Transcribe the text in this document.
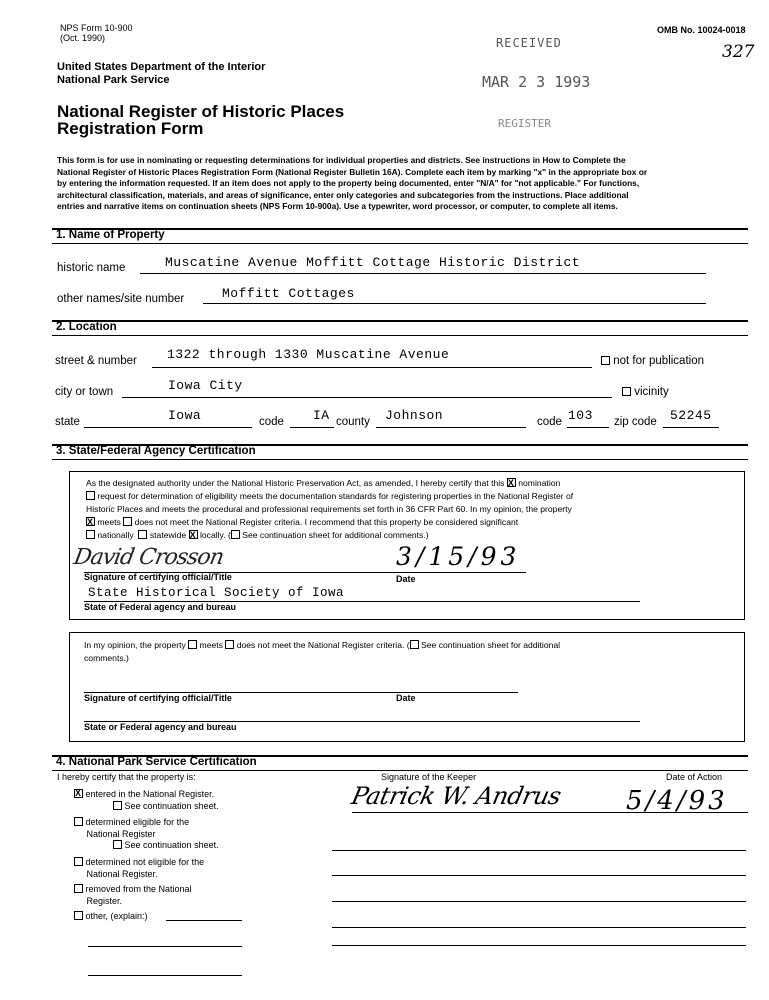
NPS Form 10-900
(Oct. 1990)
OMB No. 10024-0018
United States Department of the Interior
National Park Service
National Register of Historic Places
Registration Form
RECEIVED
MAR 2 3 1993
REGISTER
327
This form is for use in nominating or requesting determinations for individual properties and districts. See instructions in How to Complete the
National Register of Historic Places Registration Form (National Register Bulletin 16A). Complete each item by marking "x" in the appropriate box or
by entering the information requested. If an item does not apply to the property being documented, enter "N/A" for "not applicable." For functions,
architectural classification, materials, and areas of significance, enter only categories and subcategories from the instructions. Place additional
entries and narrative items on continuation sheets (NPS Form 10-900a). Use a typewriter, word processor, or computer, to complete all items.
1. Name of Property
historic name	Muscatine Avenue Moffitt Cottage Historic District
other names/site number	Moffitt Cottages
2. Location
street & number 1322 through 1330 Muscatine Avenue	not for publication
city or town	Iowa City	vicinity
state	Iowa	code IA county Johnson	code 103 zip code 52245
3. State/Federal Agency Certification
As the designated authority under the National Historic Preservation Act, as amended, I hereby certify that this X nomination
request for determination of eligibility meets the documentation standards for registering properties in the National Register of
Historic Places and meets the procedural and professional requirements set forth in 36 CFR Part 60. In my opinion, the property
X meets does not meet the National Register criteria. I recommend that this property be considered significant
nationally statewide X locally. ( See continuation sheet for additional comments.)
David Crosson	3/15/93
Signature of certifying official/Title	Date
State Historical Society of Iowa
State of Federal agency and bureau
In my opinion, the property meets does not meet the National Register criteria. ( See continuation sheet for additional
comments.)
Signature of certifying official/Title	Date
State or Federal agency and bureau
4. National Park Service Certification
I hereby certify that the property is:	Signature of the Keeper	Date of Action
X entered in the National Register.
See continuation sheet.
determined eligible for the
National Register
See continuation sheet.
determined not eligible for the
National Register.
removed from the National
Register.
other, (explain:)
Patrick W. Andrus 5/4/93
